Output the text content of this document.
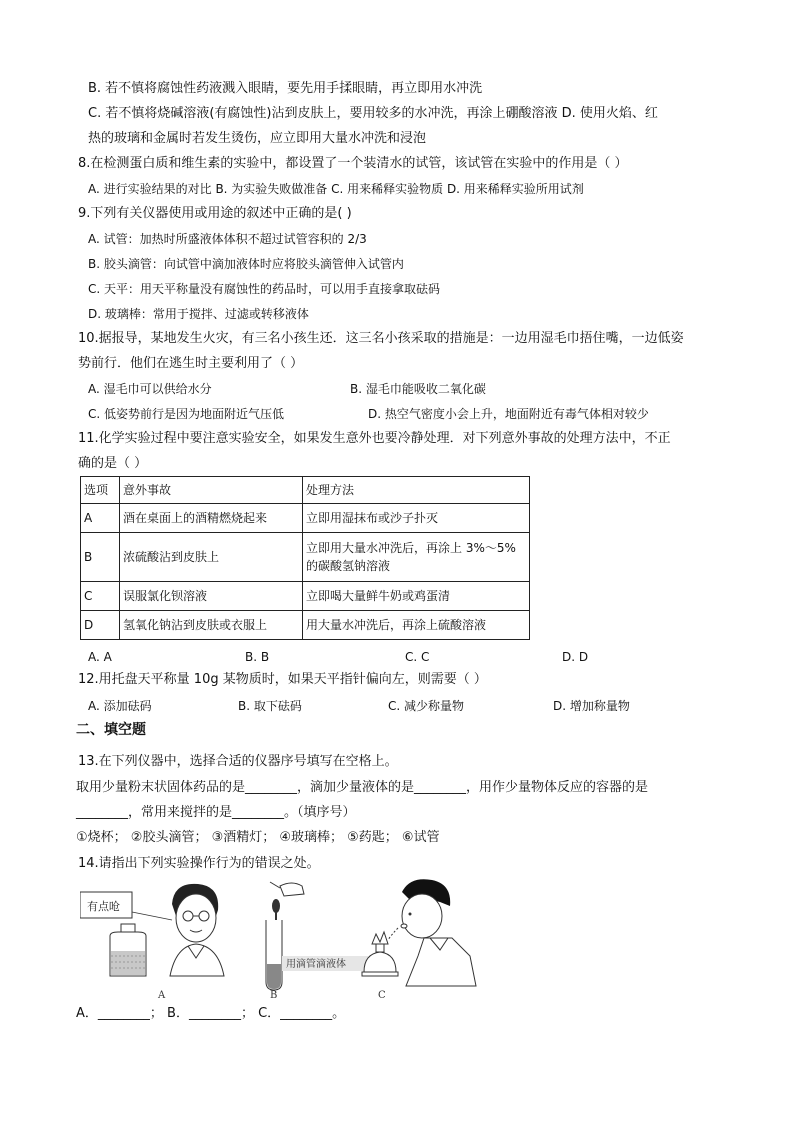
B. 若不慎将腐蚀性药液溅入眼睛，要先用手揉眼睛，再立即用水冲洗
C. 若不慎将烧碱溶液(有腐蚀性)沾到皮肤上，要用较多的水冲洗，再涂上硼酸溶液 D. 使用火焰、红
热的玻璃和金属时若发生烫伤，应立即用大量水冲洗和浸泡
8.在检测蛋白质和维生素的实验中，都设置了一个装清水的试管，该试管在实验中的作用是（ ）
A. 进行实验结果的对比 B. 为实验失败做准备 C. 用来稀释实验物质 D. 用来稀释实验所用试剂
9.下列有关仪器使用或用途的叙述中正确的是( )
A. 试管：加热时所盛液体体积不超过试管容积的 2/3
B. 胶头滴管：向试管中滴加液体时应将胶头滴管伸入试管内
C. 天平：用天平称量没有腐蚀性的药品时，可以用手直接拿取砝码
D. 玻璃棒：常用于搅拌、过滤或转移液体
10.据报导，某地发生火灾，有三名小孩生还．这三名小孩采取的措施是：一边用湿毛巾捂住嘴，一边低姿
势前行．他们在逃生时主要利用了（ ）
A. 湿毛巾可以供给水分	B. 湿毛巾能吸收二氧化碳
C. 低姿势前行是因为地面附近气压低	D. 热空气密度小会上升，地面附近有毒气体相对较少
11.化学实验过程中要注意实验安全，如果发生意外也要冷静处理．对下列意外事故的处理方法中，不正
确的是（ ）
选项	意外事故	处理方法
A	酒在桌面上的酒精燃烧起来	立即用湿抹布或沙子扑灭
B	浓硫酸沾到皮肤上	立即用大量水冲洗后，再涂上 3%～5%
的碳酸氢钠溶液

C	误服氯化钡溶液	立即喝大量鲜牛奶或鸡蛋清
D	氢氧化钠沾到皮肤或衣服上	用大量水冲洗后，再涂上硫酸溶液
A. A	B. B	C. C	D. D
12.用托盘天平称量 10g 某物质时，如果天平指针偏向左，则需要（ ）
A. 添加砝码	B. 取下砝码	C. 减少称量物	D. 增加称量物
二、填空题
13.在下列仪器中，选择合适的仪器序号填写在空格上。
取用少量粉末状固体药品的是________，滴加少量液体的是________，用作少量物体反应的容器的是
________，常用来搅拌的是________。（填序号）
①烧杯； ②胶头滴管； ③酒精灯； ④玻璃棒； ⑤药匙； ⑥试管
14.请指出下列实验操作行为的错误之处。
有点呛
A
用滴管滴液体
B	C
A．________； B．________； C．________。
